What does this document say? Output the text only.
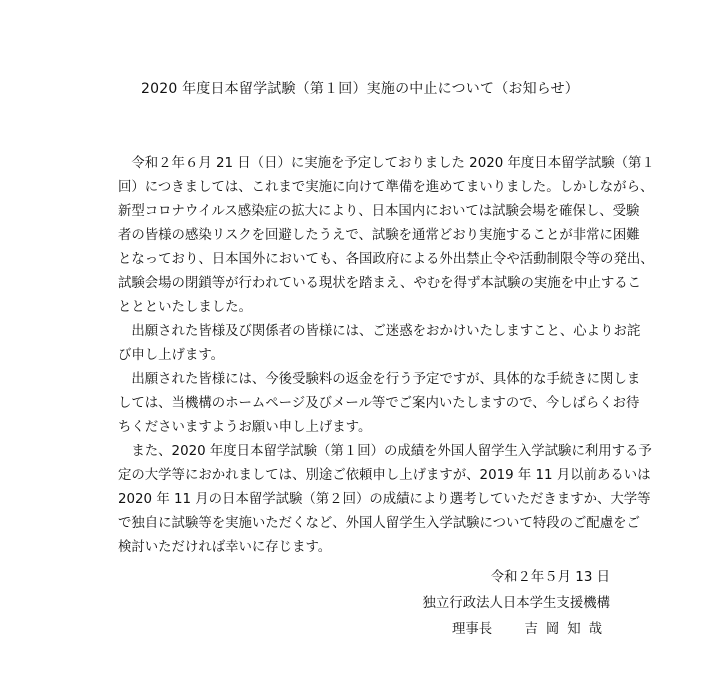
2020 年度日本留学試験（第１回）実施の中止について（お知らせ）
　令和２年６月 21 日（日）に実施を予定しておりました 2020 年度日本留学試験（第１
回）につきましては、これまで実施に向けて準備を進めてまいりました。しかしながら、
新型コロナウイルス感染症の拡大により、日本国内においては試験会場を確保し、受験
者の皆様の感染リスクを回避したうえで、試験を通常どおり実施することが非常に困難
となっており、日本国外においても、各国政府による外出禁止令や活動制限令等の発出、
試験会場の閉鎖等が行われている現状を踏まえ、やむを得ず本試験の実施を中止するこ
ととといたしました。
　出願された皆様及び関係者の皆様には、ご迷惑をおかけいたしますこと、心よりお詫
び申し上げます。
　出願された皆様には、今後受験料の返金を行う予定ですが、具体的な手続きに関しま
しては、当機構のホームページ及びメール等でご案内いたしますので、今しばらくお待
ちくださいますようお願い申し上げます。
　また、2020 年度日本留学試験（第１回）の成績を外国人留学生入学試験に利用する予
定の大学等におかれましては、別途ご依頼申し上げますが、2019 年 11 月以前あるいは
2020 年 11 月の日本留学試験（第２回）の成績により選考していただきますか、大学等
で独自に試験等を実施いただくなど、外国人留学生入学試験について特段のご配慮をご
検討いただければ幸いに存じます。
令和２年５月 13 日
独立行政法人日本学生支援機構
理事長 吉岡知哉
